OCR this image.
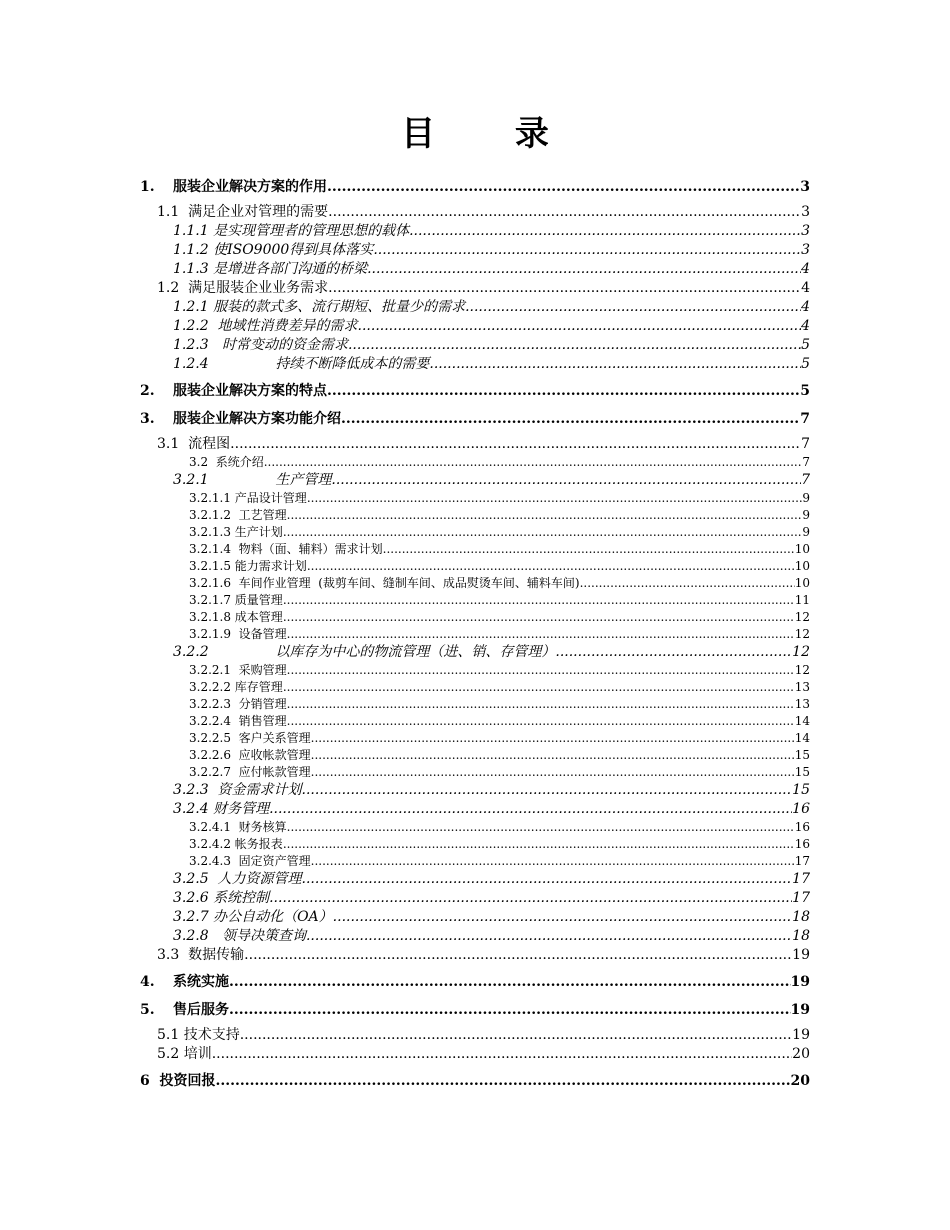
目 录
1. 服装企业解决方案的作用 .....	3
1.1  满足企业对管理的需要 .....	3
1.1.1 是实现管理者的管理思想的载体 .....	3
1.1.2 使ISO9000得到具体落实 .....	3
1.1.3 是增进各部门沟通的桥梁 .....	4
1.2  满足服装企业业务需求 .....	4
1.2.1 服装的款式多、流行期短、批量少的需求 .....	4
1.2.2  地域性消费差异的需求 .....	4
1.2.3   时常变动的资金需求 .....	5
1.2.4               持续不断降低成本的需要 .....	5
2. 服装企业解决方案的特点 .....	5
3. 服装企业解决方案功能介绍 .....	7
3.1  流程图 .....	7
3.2  系统介绍 .....	7
3.2.1               生产管理 .....	7
3.2.1.1 产品设计管理 .....	9
3.2.1.2  工艺管理 .....	9
3.2.1.3 生产计划 .....	9
3.2.1.4  物料（面、辅料）需求计划 .....	10
3.2.1.5 能力需求计划 .....	10
3.2.1.6  车间作业管理  (裁剪车间、缝制车间、成品熨烫车间、辅料车间) .....	10
3.2.1.7 质量管理 .....	11
3.2.1.8 成本管理 .....	12
3.2.1.9  设备管理 .....	12
3.2.2               以库存为中心的物流管理（进、销、存管理） .....	12
3.2.2.1  采购管理 .....	12
3.2.2.2 库存管理 .....	13
3.2.2.3  分销管理 .....	13
3.2.2.4  销售管理 .....	14
3.2.2.5  客户关系管理 .....	14
3.2.2.6  应收帐款管理 .....	15
3.2.2.7  应付帐款管理 .....	15
3.2.3  资金需求计划 .....	15
3.2.4 财务管理 .....	16
3.2.4.1  财务核算 .....	16
3.2.4.2 帐务报表 .....	16
3.2.4.3  固定资产管理 .....	17
3.2.5  人力资源管理 .....	17
3.2.6 系统控制 .....	17
3.2.7 办公自动化（OA） .....	18
3.2.8   领导决策查询 .....	18
3.3  数据传输 .....	19
4. 系统实施 .....	19
5. 售后服务 .....	19
5.1 技术支持 .....	19
5.2 培训 .....	20
6  投资回报 .....	20
